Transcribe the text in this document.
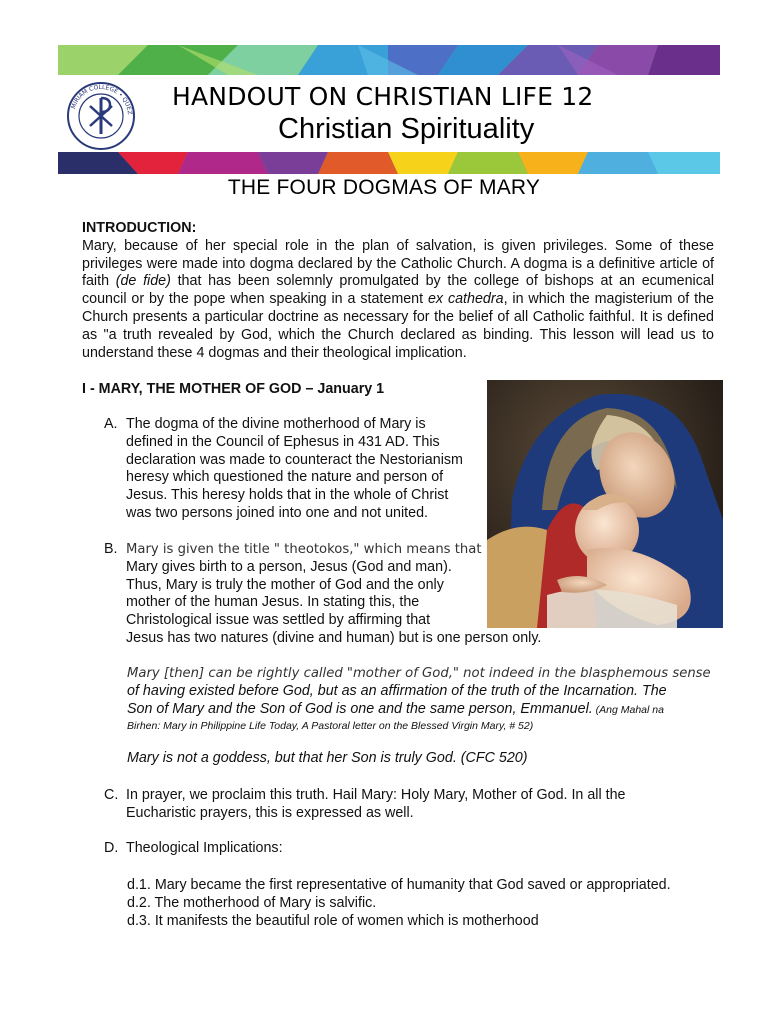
MIRIAM COLLEGE • QUEZ
HANDOUT ON CHRISTIAN LIFE 12
Christian Spirituality
THE FOUR DOGMAS OF MARY
INTRODUCTION:

Mary, because of her special role in the plan of salvation, is given privileges. Some of these privileges were made into dogma declared by the Catholic Church. A dogma is a definitive article of faith (de fide) that has been solemnly promulgated by the college of bishops at an ecumenical council or by the pope when speaking in a statement ex cathedra, in which the magisterium of the Church presents a particular doctrine as necessary for the belief of all Catholic faithful. It is defined as "a truth revealed by God, which the Church declared as binding. This lesson will lead us to understand these 4 dogmas and their theological implication.

I - MARY, THE MOTHER OF GOD – January 1
A. The dogma of the divine motherhood of Mary is
defined in the Council of Ephesus in 431 AD. This
declaration was made to counteract the Nestorianism
heresy which questioned the nature and person of
Jesus. This heresy holds that in the whole of Christ
was two persons joined into one and not united.
B. Mary is given the title " theotokos," which means that
Mary gives birth to a person, Jesus (God and man).
Thus, Mary is truly the mother of God and the only
mother of the human Jesus. In stating this, the
Christological issue was settled by affirming that
Jesus has two natures (divine and human) but is one person only.
Mary [then] can be rightly called "mother of God," not indeed in the blasphemous sense
of having existed before God, but as an affirmation of the truth of the Incarnation. The
Son of Mary and the Son of God is one and the same person, Emmanuel. (Ang Mahal na
Birhen: Mary in Philippine Life Today, A Pastoral letter on the Blessed Virgin Mary, # 52)
Mary is not a goddess, but that her Son is truly God. (CFC 520)
C. In prayer, we proclaim this truth. Hail Mary: Holy Mary, Mother of God. In all the
Eucharistic prayers, this is expressed as well.
D. Theological Implications:
d.1. Mary became the first representative of humanity that God saved or appropriated.
d.2. The motherhood of Mary is salvific.
d.3. It manifests the beautiful role of women which is motherhood
